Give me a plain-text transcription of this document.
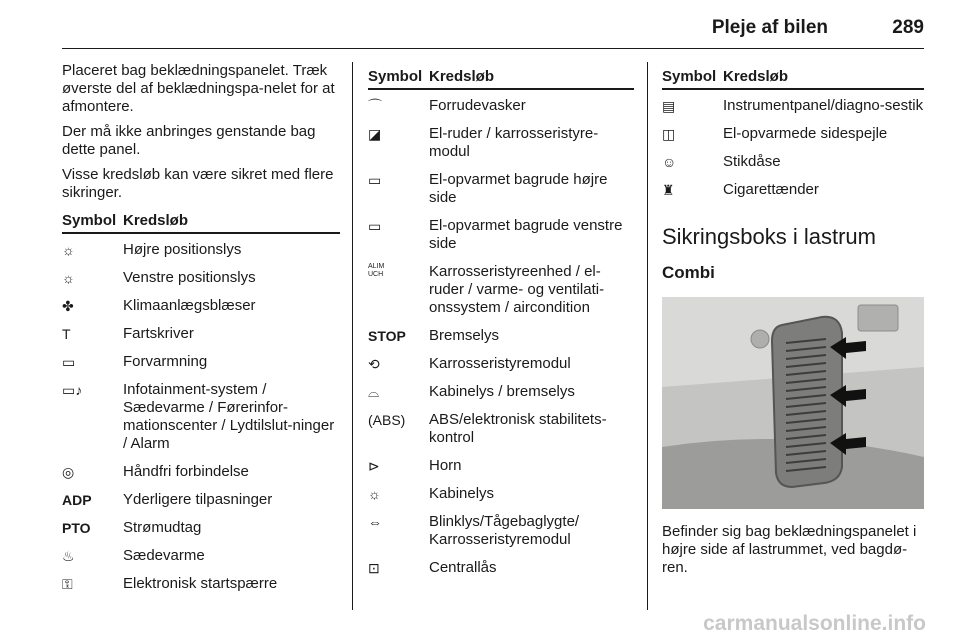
Pleje af bilen	289

Placeret bag beklædningspanelet. Træk øverste del af beklædningspa-nelet for at afmontere.

Der må ikke anbringes genstande bag dette panel.

Visse kredsløb kan være sikret med flere sikringer.

Symbol Kredsløb
☼	Højre positionslys
☼	Venstre positionslys
✤	Klimaanlægsblæser
T	Fartskriver
▭	Forvarmning
▭♪	Infotainment-system / Sædevarme / Førerinfor-mationscenter / Lydtilslut-ninger / Alarm
◎	Håndfri forbindelse
ADP	Yderligere tilpasninger
PTO	Strømudtag
♨	Sædevarme
⚿	Elektronisk startspærre
Symbol Kredsløb
⌒	Forrudevasker
◪	El-ruder / karrosseristyre-modul
▭	El-opvarmet bagrude højre side
▭	El-opvarmet bagrude venstre side
ALIM
UCH	Karrosseristyreenhed / el-ruder / varme- og ventilati-onssystem / aircondition
STOP	Bremselys
⟲	Karrosseristyremodul
⌓	Kabinelys / bremselys
(ABS)	ABS/elektronisk stabilitets-kontrol
⊳	Horn
☼	Kabinelys
⇔	Blinklys/Tågebaglygte/ Karrosseristyremodul
⊡	Centrallås
Symbol Kredsløb
▤	Instrumentpanel/diagno-sestik
◫	El-opvarmede sidespejle
☺	Stikdåse
♜	Cigarettænder
Sikringsboks i lastrum
Combi

Befinder sig bag beklædningspanelet i højre side af lastrummet, ved bagdø-ren.

carmanualsonline.info
